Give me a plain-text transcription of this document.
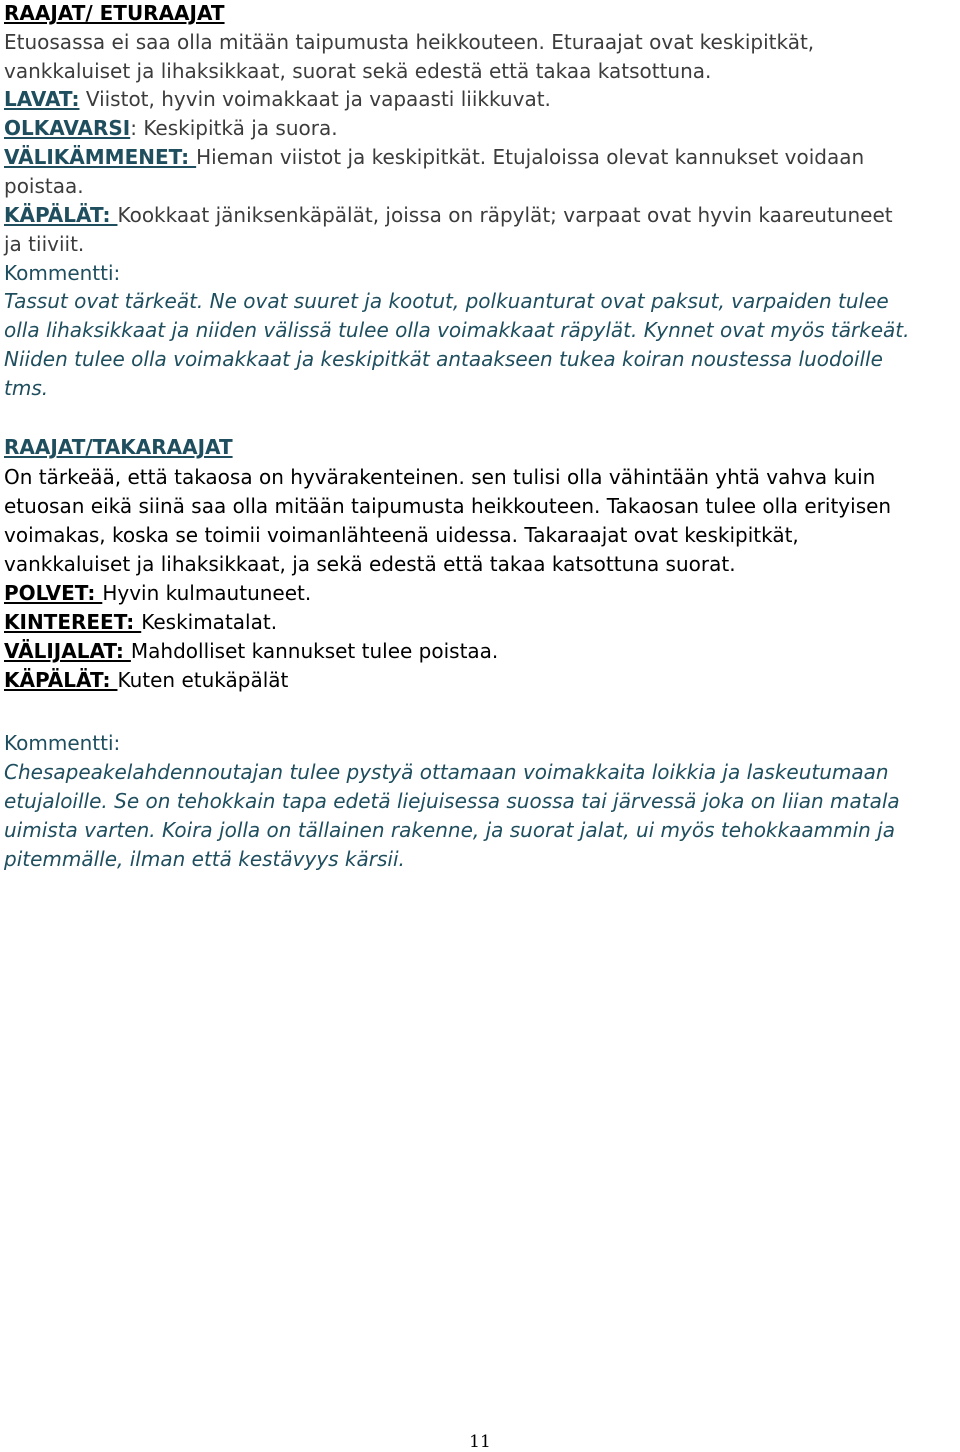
RAAJAT/ ETURAAJAT
Etuosassa ei saa olla mitään taipumusta heikkouteen. Eturaajat ovat keskipitkät,
vankkaluiset ja lihaksikkaat, suorat sekä edestä että takaa katsottuna.
LAVAT: Viistot, hyvin voimakkaat ja vapaasti liikkuvat.
OLKAVARSI: Keskipitkä ja suora.
VÄLIKÄMMENET: Hieman viistot ja keskipitkät. Etujaloissa olevat kannukset voidaan
poistaa.
KÄPÄLÄT: Kookkaat jäniksenkäpälät, joissa on räpylät; varpaat ovat hyvin kaareutuneet
ja tiiviit.
Kommentti:
Tassut ovat tärkeät. Ne ovat suuret ja kootut, polkuanturat ovat paksut, varpaiden tulee
olla lihaksikkaat ja niiden välissä tulee olla voimakkaat räpylät. Kynnet ovat myös tärkeät.
Niiden tulee olla voimakkaat ja keskipitkät antaakseen tukea koiran noustessa luodoille
tms.
RAAJAT/TAKARAAJAT
On tärkeää, että takaosa on hyvärakenteinen. sen tulisi olla vähintään yhtä vahva kuin
etuosan eikä siinä saa olla mitään taipumusta heikkouteen. Takaosan tulee olla erityisen
voimakas, koska se toimii voimanlähteenä uidessa. Takaraajat ovat keskipitkät,
vankkaluiset ja lihaksikkaat, ja sekä edestä että takaa katsottuna suorat.
POLVET: Hyvin kulmautuneet.
KINTEREET: Keskimatalat.
VÄLIJALAT: Mahdolliset kannukset tulee poistaa.
KÄPÄLÄT: Kuten etukäpälät
Kommentti:
Chesapeakelahdennoutajan tulee pystyä ottamaan voimakkaita loikkia ja laskeutumaan
etujaloille. Se on tehokkain tapa edetä liejuisessa suossa tai järvessä joka on liian matala
uimista varten. Koira jolla on tällainen rakenne, ja suorat jalat, ui myös tehokkaammin ja
pitemmälle, ilman että kestävyys kärsii.
11
